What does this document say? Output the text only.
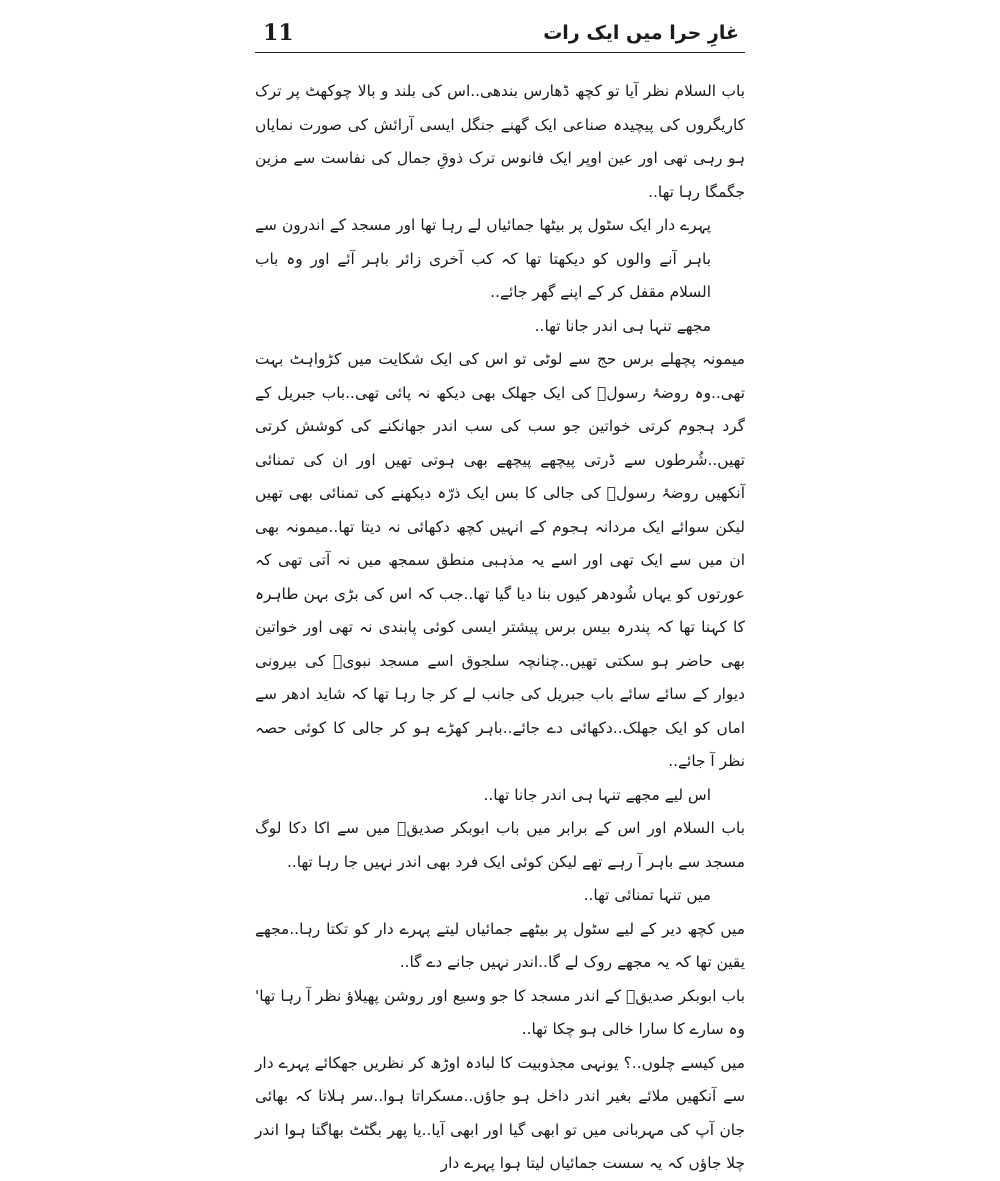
11	غارِ حرا میں ایک رات

باب السلام نظر آیا تو کچھ ڈھارس بندھی..اس کی بلند و بالا چوکھٹ پر ترک کاریگروں کی پیچیدہ صناعی ایک گھنے جنگل ایسی آرائش کی صورت نمایاں ہو رہی تھی اور عین اوپر ایک فانوس ترک ذوقِ جمال کی نفاست سے مزین جگمگا رہا تھا..

پہرے دار ایک سٹول پر بیٹھا جمائیاں لے رہا تھا اور مسجد کے اندرون سے باہر آنے والوں کو دیکھتا تھا کہ کب آخری زائر باہر آئے اور وہ باب السلام مقفل کر کے اپنے گھر جائے..

مجھے تنہا ہی اندر جانا تھا..

میمونہ پچھلے برس حج سے لوٹی تو اس کی ایک شکایت میں کڑواہٹ بہت تھی..وہ روضۂ رسولؐ کی ایک جھلک بھی دیکھ نہ پائی تھی..باب جبریل کے گرد ہجوم کرتی خواتین جو سب کی سب اندر جھانکنے کی کوشش کرتی تھیں..شُرطوں سے ڈرتی پیچھے پیچھے بھی ہوتی تھیں اور ان کی تمنائی آنکھیں روضۂ رسولؐ کی جالی کا بس ایک ذرّہ دیکھنے کی تمنائی بھی تھیں لیکن سوائے ایک مردانہ ہجوم کے انہیں کچھ دکھائی نہ دیتا تھا..میمونہ بھی ان میں سے ایک تھی اور اسے یہ مذہبی منطق سمجھ میں نہ آتی تھی کہ عورتوں کو یہاں شُودھر کیوں بنا دیا گیا تھا..جب کہ اس کی بڑی بہن طاہرہ کا کہنا تھا کہ پندرہ بیس برس پیشتر ایسی کوئی پابندی نہ تھی اور خواتین بھی حاضر ہو سکتی تھیں..چنانچہ سلجوق اسے مسجد نبویؐ کی بیرونی دیوار کے سائے سائے باب جبریل کی جانب لے کر جا رہا تھا کہ شاید ادھر سے اماں کو ایک جھلک..دکھائی دے جائے..باہر کھڑے ہو کر جالی کا کوئی حصہ نظر آ جائے..

اس لیے مجھے تنہا ہی اندر جانا تھا..

باب السلام اور اس کے برابر میں باب ابوبکر صدیقؓ میں سے اکا دکا لوگ مسجد سے باہر آ رہے تھے لیکن کوئی ایک فرد بھی اندر نہیں جا رہا تھا..

میں تنہا تمنائی تھا..

میں کچھ دیر کے لیے سٹول پر بیٹھے جمائیاں لیتے پہرے دار کو تکتا رہا..مجھے یقین تھا کہ یہ مجھے روک لے گا..اندر نہیں جانے دے گا..

باب ابوبکر صدیقؓ کے اندر مسجد کا جو وسیع اور روشن پھیلاؤ نظر آ رہا تھا' وہ سارے کا سارا خالی ہو چکا تھا..

میں کیسے چلوں..؟ یونہی مجذوبیت کا لبادہ اوڑھ کر نظریں جھکائے پہرے دار سے آنکھیں ملائے بغیر اندر داخل ہو جاؤں..مسکراتا ہوا..سر ہلاتا کہ بھائی جان آپ کی مہربانی میں تو ابھی گیا اور ابھی آیا..یا پھر بگٹٹ بھاگتا ہوا اندر چلا جاؤں کہ یہ سست جمائیاں لیتا ہوا پہرے دار
